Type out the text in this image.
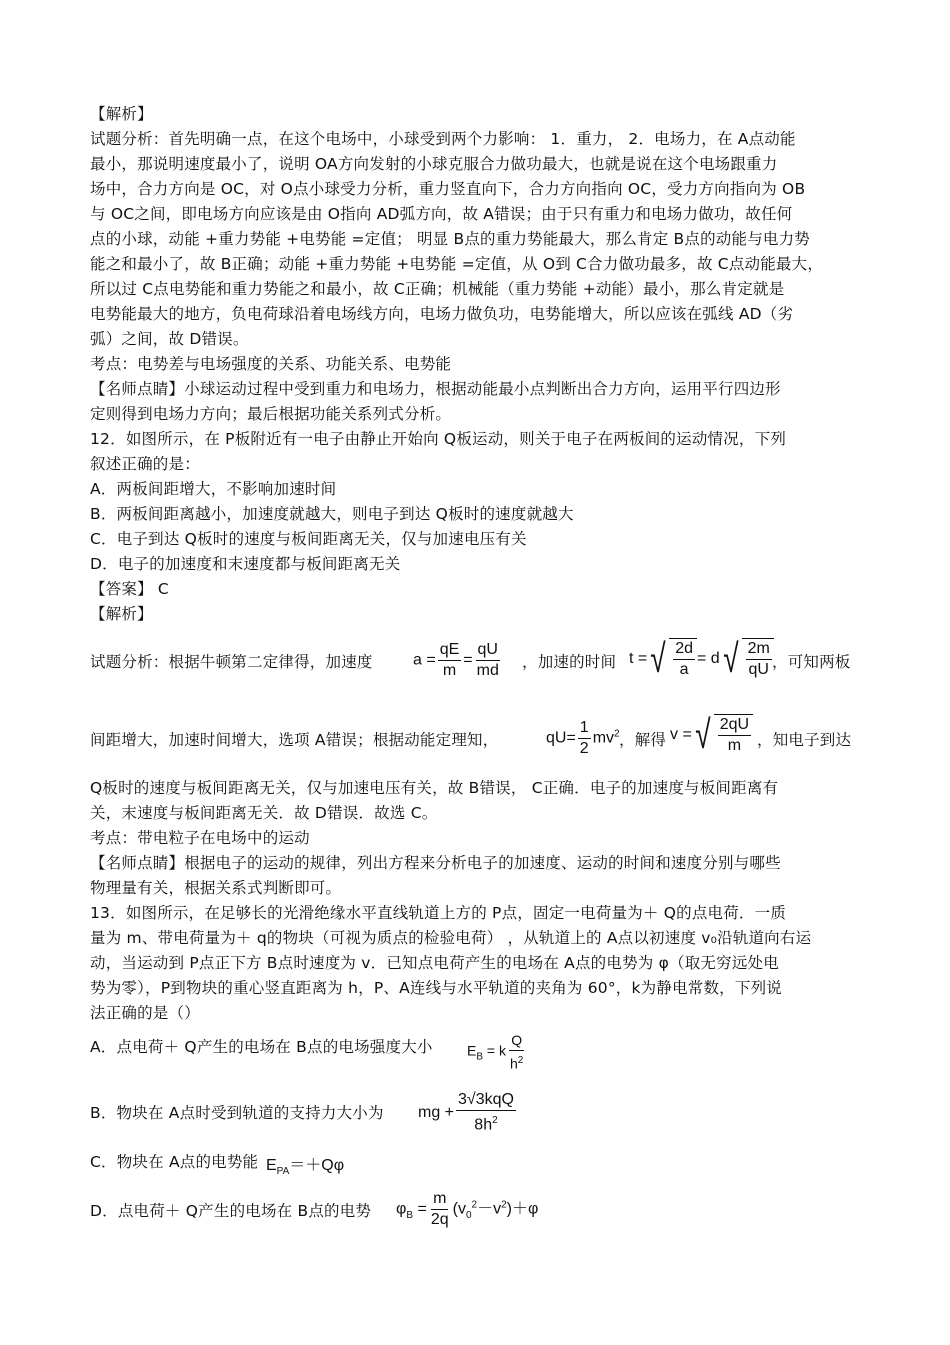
【解析】
试题分析：首先明确一点，在这个电场中，小球受到两个力影响： 1．重力， 2．电场力，在 A点动能
最小，那说明速度最小了，说明 OA方向发射的小球克服合力做功最大，也就是说在这个电场跟重力
场中，合力方向是 OC，对 O点小球受力分析，重力竖直向下，合力方向指向 OC，受力方向指向为 OB
与 OC之间，即电场方向应该是由 O指向 AD弧方向，故 A错误；由于只有重力和电场力做功，故任何
点的小球，动能 +重力势能 +电势能 =定值； 明显 B点的重力势能最大，那么肯定 B点的动能与电力势
能之和最小了，故 B正确；动能 +重力势能 +电势能 =定值，从 O到 C合力做功最多，故 C点动能最大，
所以过 C点电势能和重力势能之和最小，故 C正确；机械能（重力势能 +动能）最小，那么肯定就是
电势能最大的地方，负电荷球沿着电场线方向，电场力做负功，电势能增大，所以应该在弧线 AD（劣
弧）之间，故 D错误。
考点：电势差与电场强度的关系、功能关系、电势能
【名师点睛】小球运动过程中受到重力和电场力，根据动能最小点判断出合力方向，运用平行四边形
定则得到电场力方向；最后根据功能关系列式分析。
12．如图所示，在 P板附近有一电子由静止开始向 Q板运动，则关于电子在两板间的运动情况，下列
叙述正确的是：
A．两板间距增大，不影响加速时间
B．两板间距离越小，加速度就越大，则电子到达 Q板时的速度就越大
C．电子到达 Q板时的速度与板间距离无关，仅与加速电压有关
D．电子的加速度和末速度都与板间距离无关
【答案】 C
【解析】
试题分析：根据牛顿第二定律得，加速度	$a = \frac{qE}{m} = \frac{qU}{md}$ ，加速的时间 t = √ $\frac{2d}{a} = d$ √ $\frac{2m}{qU}$ ，可知两板
间距增大，加速时间增大，选项 A错误；根据动能定理知，	$qU= \frac{1}{2} mv^2$ ，解得 v = √ $\frac{2qU}{m}$ ，知电子到达
Q板时的速度与板间距离无关，仅与加速电压有关，故 B错误， C正确．电子的加速度与板间距离有
关，末速度与板间距离无关．故 D错误．故选 C。
考点：带电粒子在电场中的运动
【名师点睛】根据电子的运动的规律，列出方程来分析电子的加速度、运动的时间和速度分别与哪些
物理量有关，根据关系式判断即可。
13．如图所示，在足够长的光滑绝缘水平直线轨道上方的 P点，固定一电荷量为＋ Q的点电荷．一质
量为 m、带电荷量为＋ q的物块（可视为质点的检验电荷） ，从轨道上的 A点以初速度 v₀沿轨道向右运
动，当运动到 P点正下方 B点时速度为 v．已知点电荷产生的电场在 A点的电势为 φ（取无穷远处电
势为零），P到物块的重心竖直距离为 h，P、A连线与水平轨道的夹角为 60°，k为静电常数，下列说
法正确的是（）
A．点电荷＋ Q产生的电场在 B点的电场强度大小 $E_B = k \frac{Q}{h^2}$
B．物块在 A点时受到轨道的支持力大小为 mg + $\frac{\text{3√3kqQ}}{8h^2}$
C．物块在 A点的电势能 $E_{PA}=+Q\varphi$
D．点电荷＋ Q产生的电场在 B点的电势 $\varphi_B = \frac{m}{2q} (v_0^2-v^2)+\varphi$
